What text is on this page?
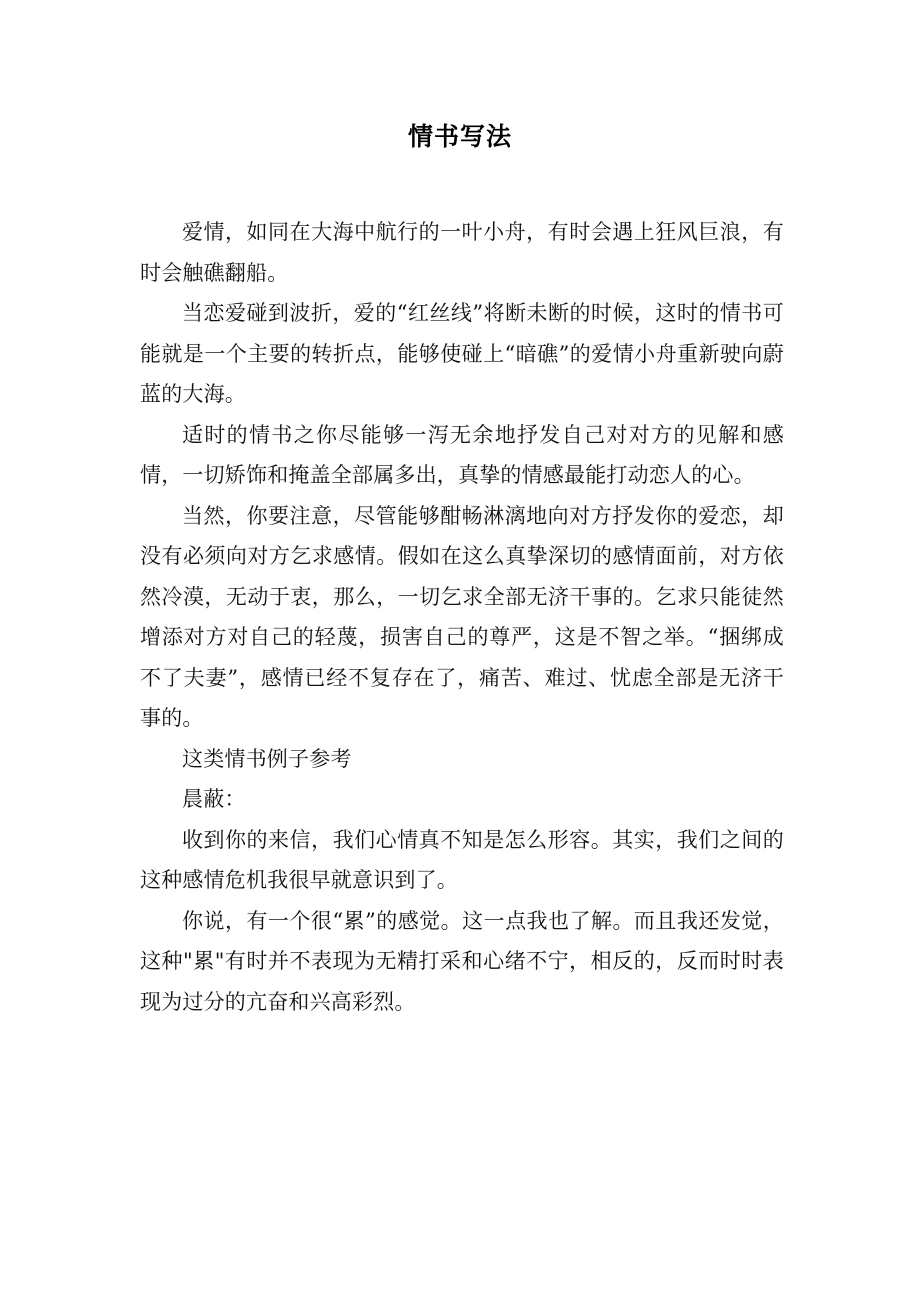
情书写法

爱情，如同在大海中航行的一叶小舟，有时会遇上狂风巨浪，有时会触礁翻船。

当恋爱碰到波折，爱的“红丝线”将断未断的时候，这时的情书可能就是一个主要的转折点，能够使碰上“暗礁”的爱情小舟重新驶向蔚蓝的大海。

适时的情书之你尽能够一泻无余地抒发自己对对方的见解和感情，一切矫饰和掩盖全部属多出，真挚的情感最能打动恋人的心。

当然，你要注意，尽管能够酣畅淋漓地向对方抒发你的爱恋，却没有必须向对方乞求感情。假如在这么真挚深切的感情面前，对方依然冷漠，无动于衷，那么，一切乞求全部无济干事的。乞求只能徒然增添对方对自己的轻蔑，损害自己的尊严，这是不智之举。“捆绑成不了夫妻”，感情已经不复存在了，痛苦、难过、忧虑全部是无济干事的。

这类情书例子参考

晨蔽：

收到你的来信，我们心情真不知是怎么形容。其实，我们之间的这种感情危机我很早就意识到了。

你说，有一个很“累”的感觉。这一点我也了解。而且我还发觉，这种"累"有时并不表现为无精打采和心绪不宁，相反的，反而时时表现为过分的亢奋和兴高彩烈。
